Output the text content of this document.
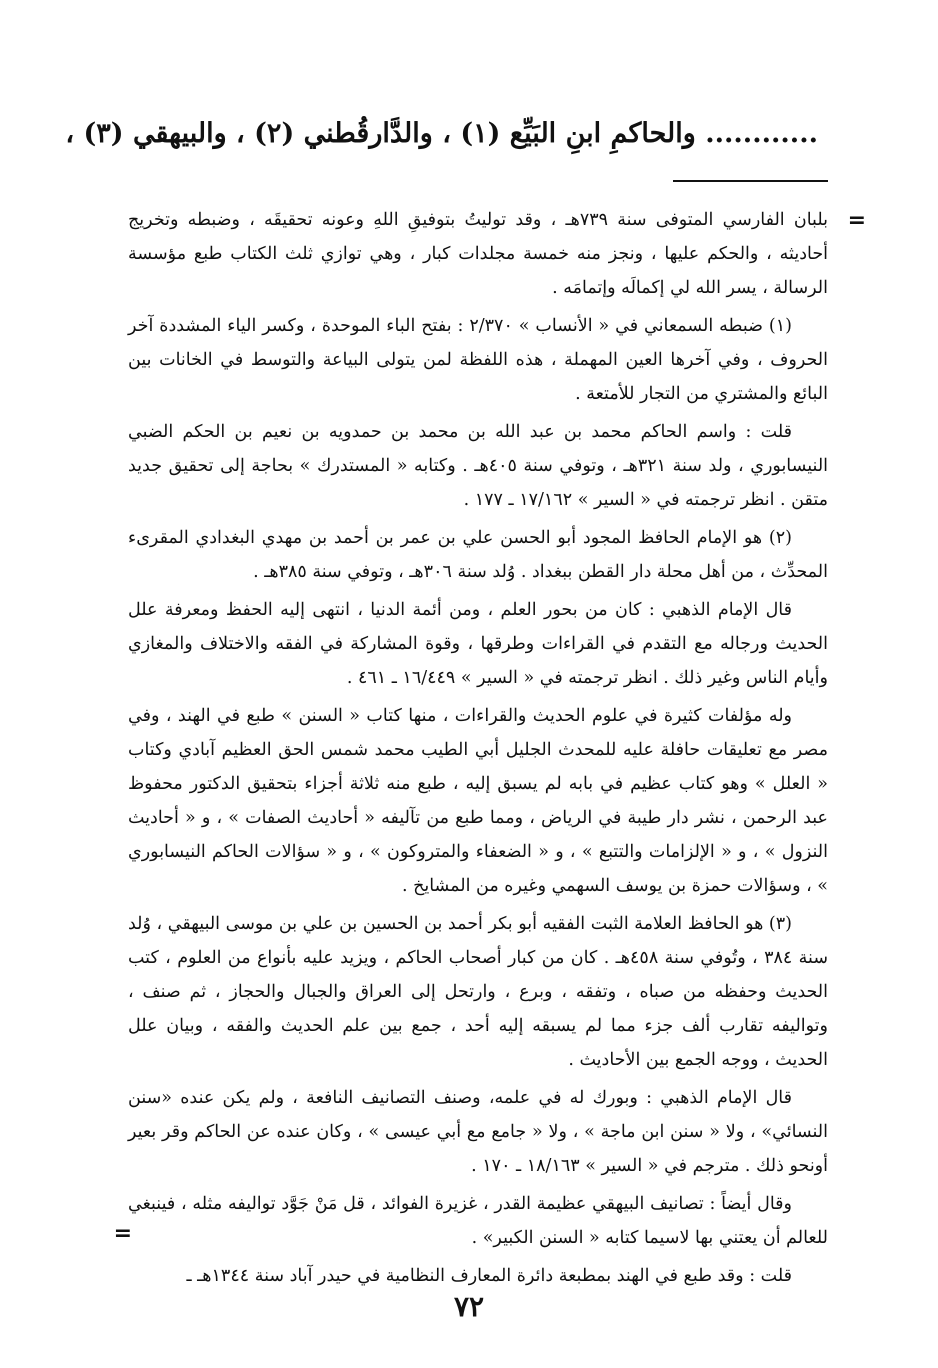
............ والحاكمِ ابنِ البَيِّع (١) ، والدَّارقُطني (٢) ، والبيهقي (٣) ،
=

بلبان الفارسي المتوفى سنة ٧٣٩هـ ، وقد توليتُ بتوفيقِ اللهِ وعونه تحقيقَه ، وضبطه وتخريج أحاديثه ، والحكم عليها ، ونجز منه خمسة مجلدات كبار ، وهي توازي ثلث الكتاب طبع مؤسسة الرسالة ، يسر الله لي إكمالَه وإتمامَه .

(١) ضبطه السمعاني في « الأنساب » ٢/٣٧٠ : بفتح الباء الموحدة ، وكسر الياء المشددة آخر الحروف ، وفي آخرها العين المهملة ، هذه اللفظة لمن يتولى البياعة والتوسط في الخانات بين البائع والمشتري من التجار للأمتعة .

قلت : واسم الحاكم محمد بن عبد الله بن محمد بن حمدويه بن نعيم بن الحكم الضبي النيسابوري ، ولد سنة ٣٢١هـ ، وتوفي سنة ٤٠٥هـ . وكتابه « المستدرك » بحاجة إلى تحقيق جديد متقن . انظر ترجمته في « السير » ١٧/١٦٢ ـ ١٧٧ .

(٢) هو الإمام الحافظ المجود أبو الحسن علي بن عمر بن أحمد بن مهدي البغدادي المقرىء المحدِّث ، من أهل محلة دار القطن ببغداد . وُلد سنة ٣٠٦هـ ، وتوفي سنة ٣٨٥هـ .

قال الإمام الذهبي : كان من بحور العلم ، ومن أئمة الدنيا ، انتهى إليه الحفظ ومعرفة علل الحديث ورجاله مع التقدم في القراءات وطرقها ، وقوة المشاركة في الفقه والاختلاف والمغازي وأيام الناس وغير ذلك . انظر ترجمته في « السير » ١٦/٤٤٩ ـ ٤٦١ .

وله مؤلفات كثيرة في علوم الحديث والقراءات ، منها كتاب « السنن » طبع في الهند ، وفي مصر مع تعليقات حافلة عليه للمحدث الجليل أبي الطيب محمد شمس الحق العظيم آبادي وكتاب « العلل » وهو كتاب عظيم في بابه لم يسبق إليه ، طبع منه ثلاثة أجزاء بتحقيق الدكتور محفوظ عبد الرحمن ، نشر دار طيبة في الرياض ، ومما طبع من تآليفه « أحاديث الصفات » ، و « أحاديث النزول » ، و « الإلزامات والتتبع » ، و « الضعفاء والمتروكون » ، و « سؤالات الحاكم النيسابوري » ، وسؤالات حمزة بن يوسف السهمي وغيره من المشايخ .

(٣) هو الحافظ العلامة الثبت الفقيه أبو بكر أحمد بن الحسين بن علي بن موسى البيهقي ، وُلد سنة ٣٨٤ ، وتُوفي سنة ٤٥٨هـ . كان من كبار أصحاب الحاكم ، ويزيد عليه بأنواع من العلوم ، كتب الحديث وحفظه من صباه ، وتفقه ، وبرع ، وارتحل إلى العراق والجبال والحجاز ، ثم صنف ، وتواليفه تقارب ألف جزء مما لم يسبقه إليه أحد ، جمع بين علم الحديث والفقه ، وبيان علل الحديث ، ووجه الجمع بين الأحاديث .

قال الإمام الذهبي : وبورك له في علمه، وصنف التصانيف النافعة ، ولم يكن عنده «سنن النسائي» ، ولا « سنن ابن ماجة » ، ولا « جامع مع أبي عيسى » ، وكان عنده عن الحاكم وقر بعير أونحو ذلك . مترجم في « السير » ١٨/١٦٣ ـ ١٧٠ .

وقال أيضاً : تصانيف البيهقي عظيمة القدر ، غزيرة الفوائد ، قل مَنْ جَوَّد تواليفه مثله ، فينبغي للعالم أن يعتني بها لاسيما كتابه « السنن الكبير» .

قلت : وقد طبع في الهند بمطبعة دائرة المعارف النظامية في حيدر آباد سنة ١٣٤٤هـ ـ

=
٧٢
